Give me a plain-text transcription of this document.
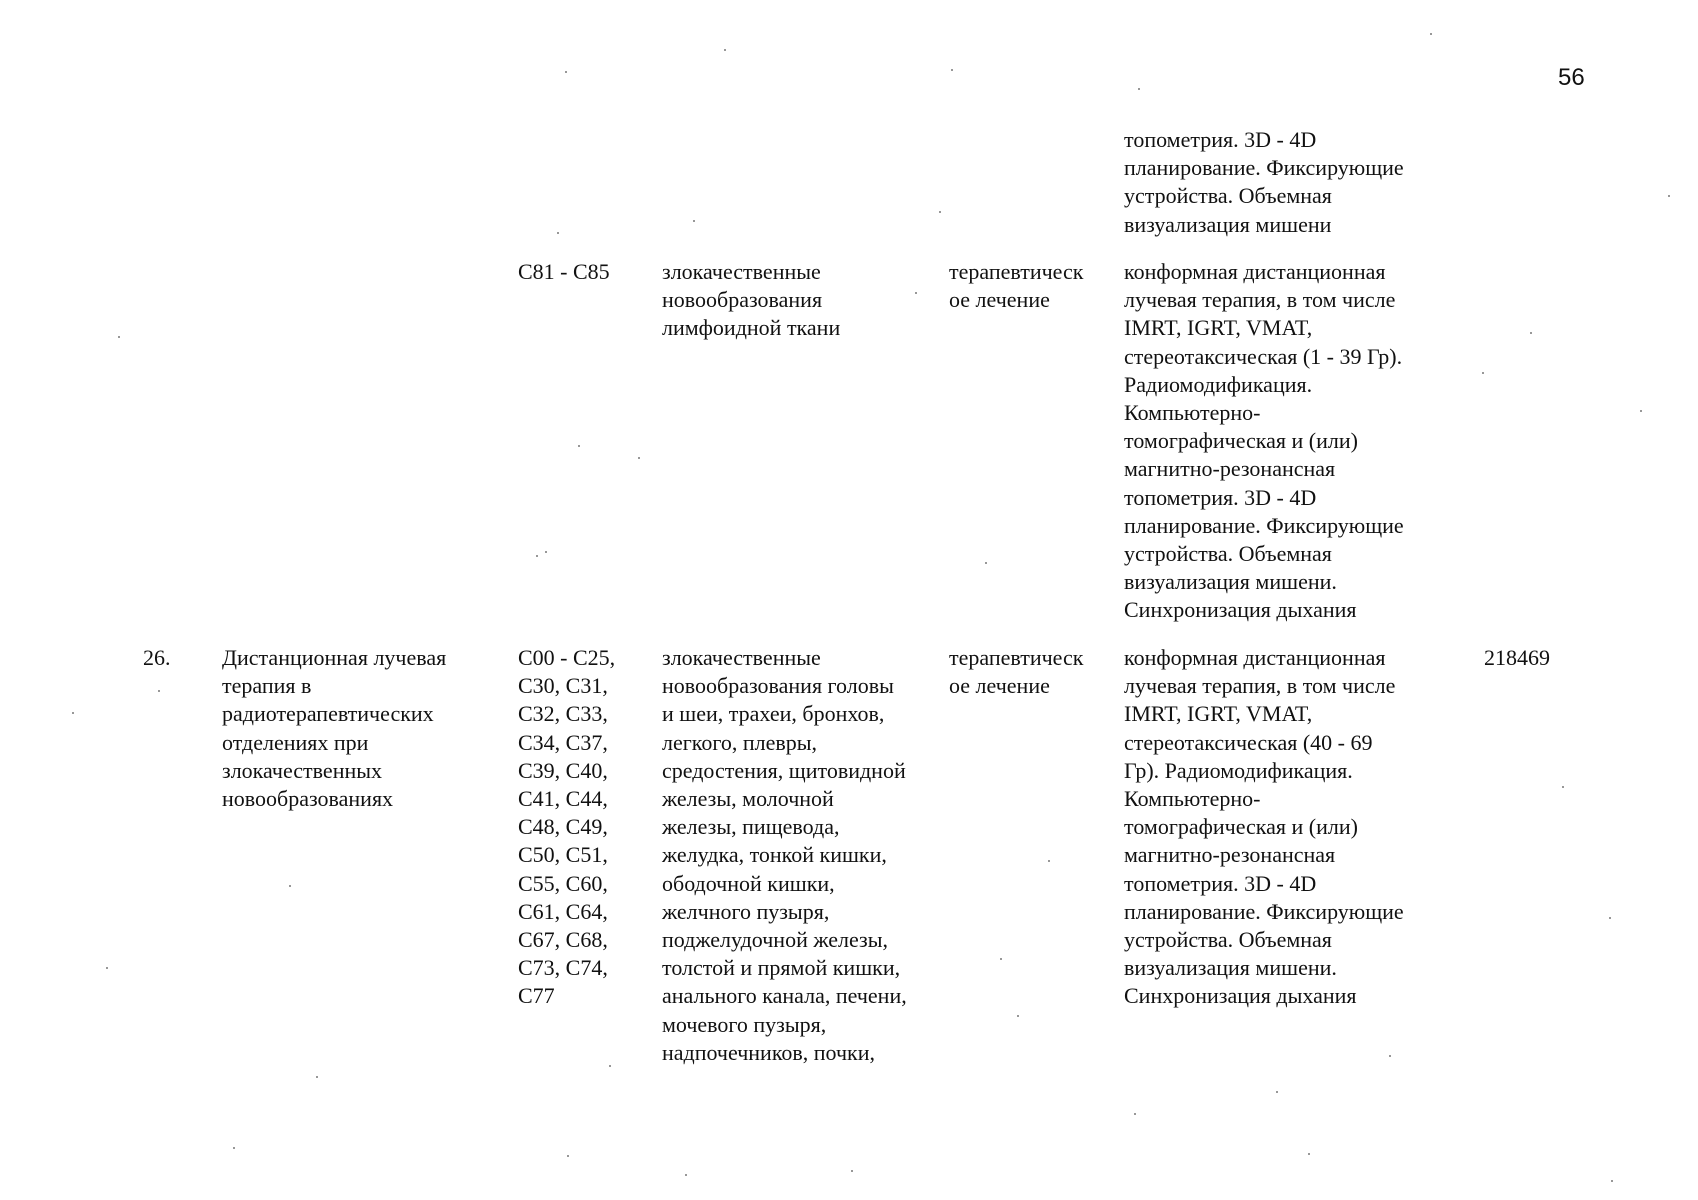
56
топометрия. 3D - 4D
планирование. Фиксирующие
устройства. Объемная
визуализация мишени
C81 - C85	злокачественные
новообразования
лимфоидной ткани
терапевтическ
ое лечение
конформная дистанционная
лучевая терапия, в том числе
IMRT, IGRT, VMAT,
стереотаксическая (1 - 39 Гр).
Радиомодификация.
Компьютерно-
томографическая и (или)
магнитно-резонансная
топометрия. 3D - 4D
планирование. Фиксирующие
устройства. Объемная
визуализация мишени.
Синхронизация дыхания
26.	Дистанционная лучевая
терапия в
радиотерапевтических
отделениях при
злокачественных
новообразованиях
C00 - C25,
C30, C31,
C32, C33,
C34, C37,
C39, C40,
C41, C44,
C48, C49,
C50, C51,
C55, C60,
C61, C64,
C67, C68,
C73, C74,
C77
злокачественные
новообразования головы
и шеи, трахеи, бронхов,
легкого, плевры,
средостения, щитовидной
железы, молочной
железы, пищевода,
желудка, тонкой кишки,
ободочной кишки,
желчного пузыря,
поджелудочной железы,
толстой и прямой кишки,
анального канала, печени,
мочевого пузыря,
надпочечников, почки,
терапевтическ
ое лечение
конформная дистанционная
лучевая терапия, в том числе
IMRT, IGRT, VMAT,
стереотаксическая (40 - 69
Гр). Радиомодификация.
Компьютерно-
томографическая и (или)
магнитно-резонансная
топометрия. 3D - 4D
планирование. Фиксирующие
устройства. Объемная
визуализация мишени.
Синхронизация дыхания
218469
